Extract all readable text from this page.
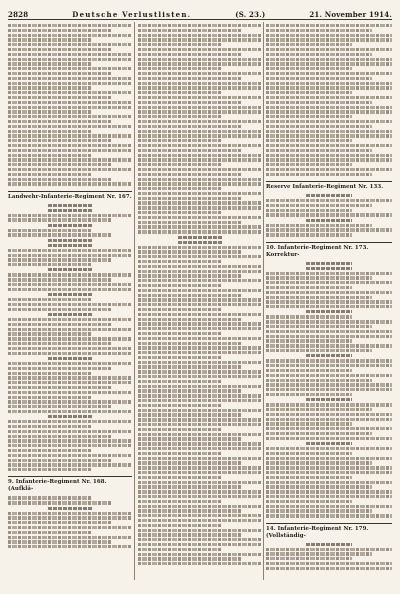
2828	Deutsche Verlustlisten.	(S. 23.)	21. November 1914.
Landwehr-Infanterie-Regiment Nr. 167.
9. Infanterie-Regiment Nr. 168. (Aufklä-
Reserve Infanterie-Regiment Nr. 133.
10. Infanterie-Regiment Nr. 173. Korrektur-
14. Infanterie-Regiment Nr. 179. (Vollständig-
